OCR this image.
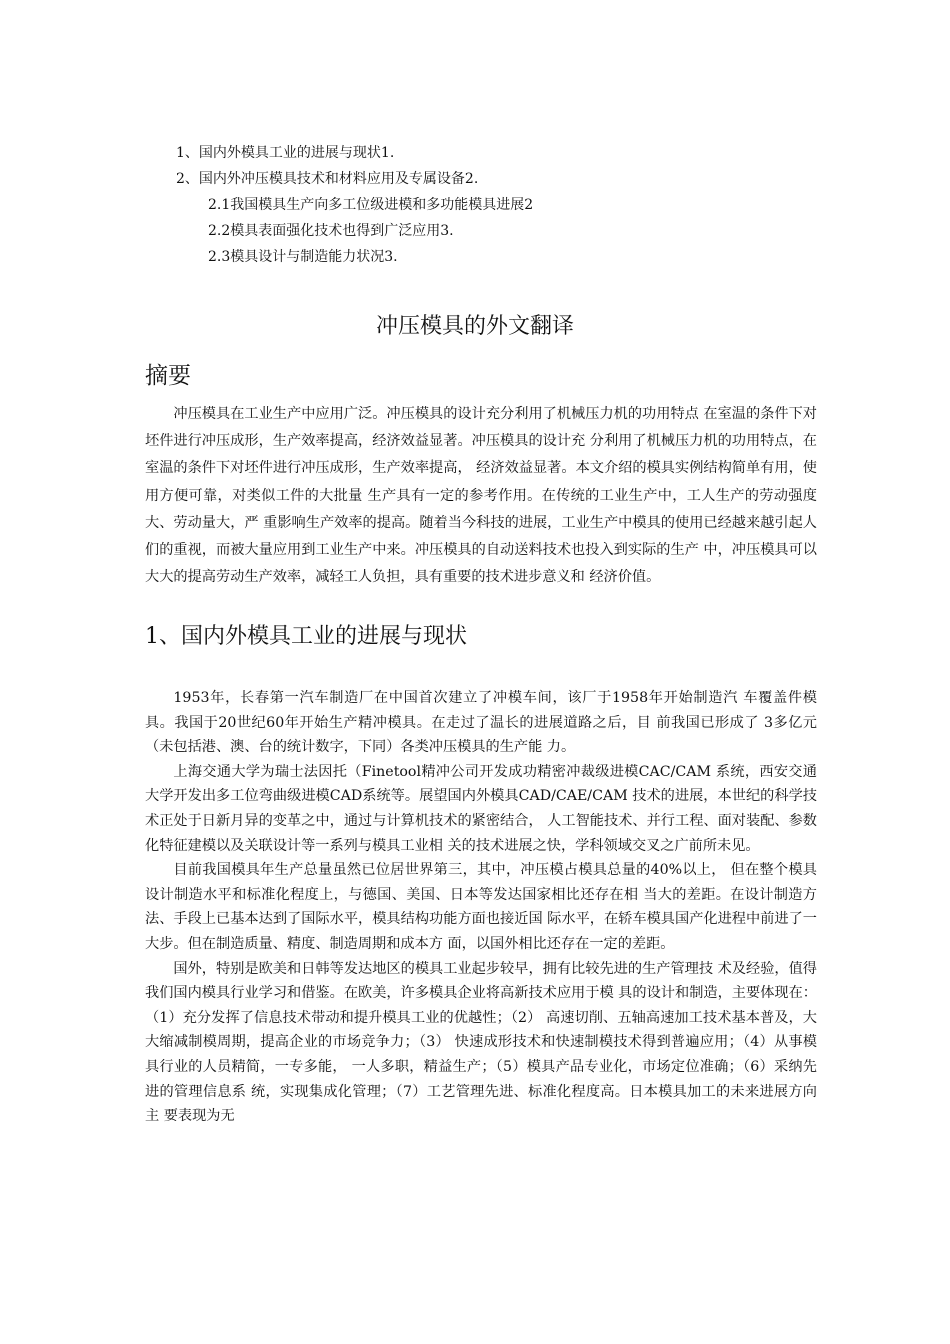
1、国内外模具工业的进展与现状1.
2、国内外冲压模具技术和材料应用及专属设备2.
2.1我国模具生产向多工位级进模和多功能模具进展2
2.2模具表面强化技术也得到广泛应用3.
2.3模具设计与制造能力状况3.
冲压模具的外文翻译
摘要

冲压模具在工业生产中应用广泛。冲压模具的设计充分利用了机械压力机的功用特点 在室温的条件下对坯件进行冲压成形，生产效率提高，经济效益显著。冲压模具的设计充 分利用了机械压力机的功用特点，在室温的条件下对坯件进行冲压成形，生产效率提高， 经济效益显著。本文介绍的模具实例结构简单有用，使用方便可靠，对类似工件的大批量 生产具有一定的参考作用。在传统的工业生产中，工人生产的劳动强度大、劳动量大，严 重影响生产效率的提高。随着当今科技的进展，工业生产中模具的使用已经越来越引起人 们的重视，而被大量应用到工业生产中来。冲压模具的自动送料技术也投入到实际的生产 中，冲压模具可以大大的提高劳动生产效率，减轻工人负担，具有重要的技术进步意义和 经济价值。

1、国内外模具工业的进展与现状

1953年，长春第一汽车制造厂在中国首次建立了冲模车间，该厂于1958年开始制造汽 车覆盖件模具。我国于20世纪60年开始生产精冲模具。在走过了温长的进展道路之后，目 前我国已形成了 3多亿元（未包括港、澳、台的统计数字，下同）各类冲压模具的生产能 力。

上海交通大学为瑞士法因托（Finetool精冲公司开发成功精密冲裁级进模CAC/CAM 系统，西安交通大学开发出多工位弯曲级进模CAD系统等。展望国内外模具CAD/CAE/CAM 技术的进展，本世纪的科学技术正处于日新月异的变革之中，通过与计算机技术的紧密结合， 人工智能技术、并行工程、面对装配、参数化特征建模以及关联设计等一系列与模具工业相 关的技术进展之快，学科领域交叉之广前所未见。

目前我国模具年生产总量虽然已位居世界第三，其中，冲压模占模具总量的40%以上， 但在整个模具设计制造水平和标准化程度上，与德国、美国、日本等发达国家相比还存在相 当大的差距。在设计制造方法、手段上已基本达到了国际水平，模具结构功能方面也接近国 际水平，在轿车模具国产化进程中前进了一大步。但在制造质量、精度、制造周期和成本方 面，以国外相比还存在一定的差距。

国外，特别是欧美和日韩等发达地区的模具工业起步较早，拥有比较先进的生产管理技 术及经验，值得我们国内模具行业学习和借鉴。在欧美，许多模具企业将高新技术应用于模 具的设计和制造，主要体现在：（1）充分发挥了信息技术带动和提升模具工业的优越性；（2） 高速切削、五轴高速加工技术基本普及，大大缩减制模周期，提高企业的市场竞争力；（3） 快速成形技术和快速制模技术得到普遍应用；（4）从事模具行业的人员精简，一专多能， 一人多职，精益生产；（5）模具产品专业化，市场定位准确；（6）采纳先进的管理信息系 统，实现集成化管理；（7）工艺管理先进、标准化程度高。日本模具加工的未来进展方向主 要表现为无
